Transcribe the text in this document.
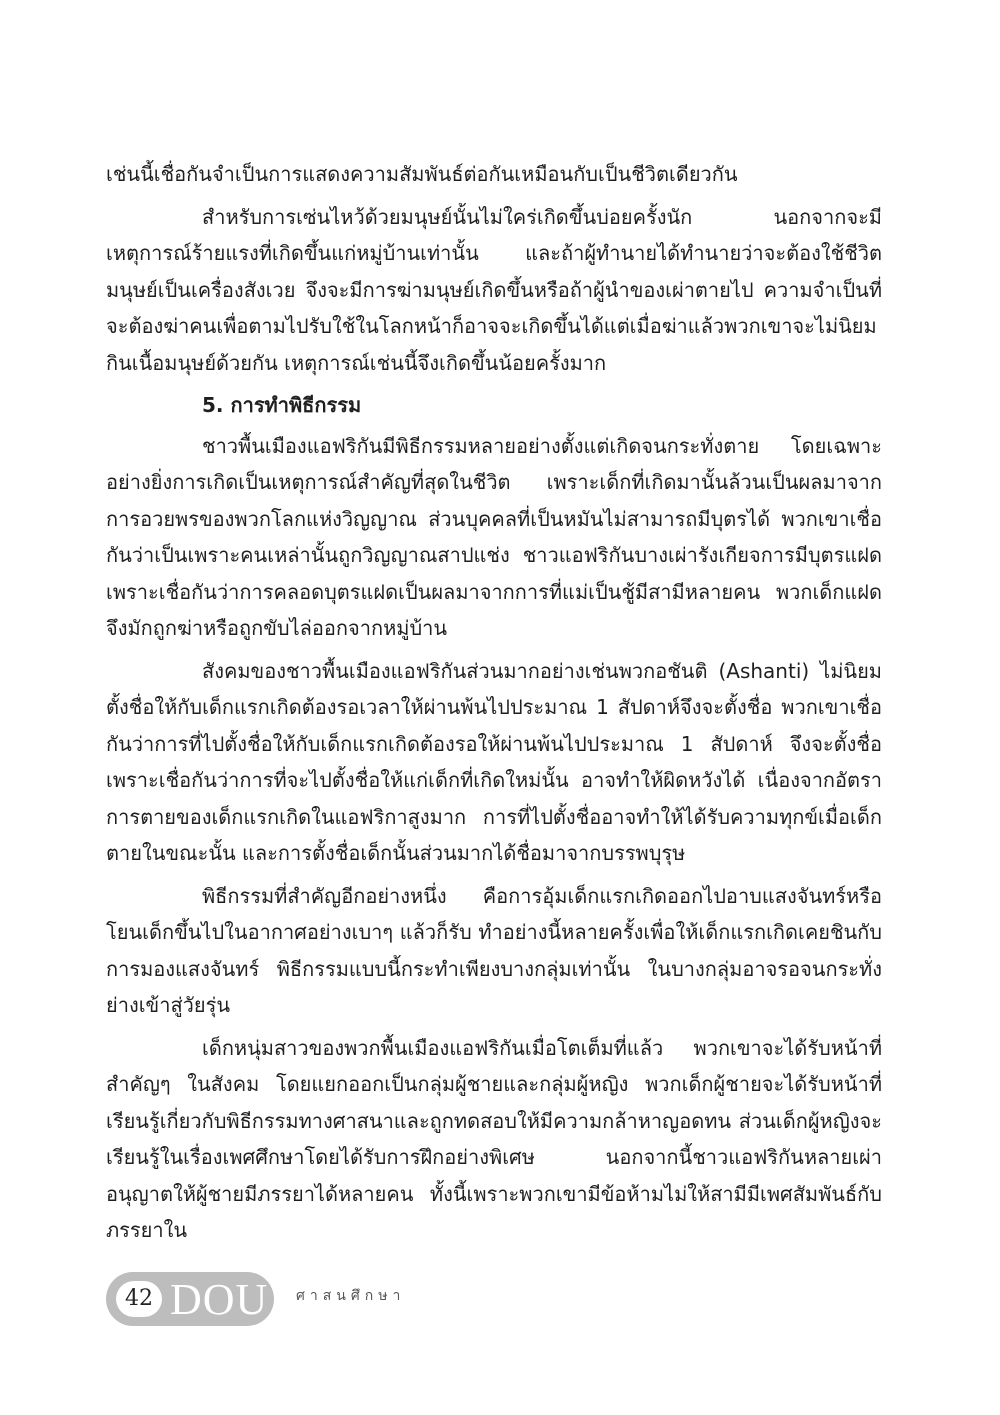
เช่นนี้เชื่อกันจำเป็นการแสดงความสัมพันธ์ต่อกันเหมือนกับเป็นชีวิตเดียวกัน

สำหรับการเซ่นไหว้ด้วยมนุษย์นั้นไม่ใคร่เกิดขึ้นบ่อยครั้งนัก นอกจากจะมีเหตุการณ์ร้ายแรงที่เกิดขึ้นแก่หมู่บ้านเท่านั้น และถ้าผู้ทำนายได้ทำนายว่าจะต้องใช้ชีวิตมนุษย์เป็นเครื่องสังเวย จึงจะมีการฆ่ามนุษย์เกิดขึ้นหรือถ้าผู้นำของเผ่าตายไป ความจำเป็นที่จะต้องฆ่าคนเพื่อตามไปรับใช้ในโลกหน้าก็อาจจะเกิดขึ้นได้แต่เมื่อฆ่าแล้วพวกเขาจะไม่นิยมกินเนื้อมนุษย์ด้วยกัน เหตุการณ์เช่นนี้จึงเกิดขึ้นน้อยครั้งมาก

5. การทำพิธีกรรม

ชาวพื้นเมืองแอฟริกันมีพิธีกรรมหลายอย่างตั้งแต่เกิดจนกระทั่งตาย โดยเฉพาะอย่างยิ่งการเกิดเป็นเหตุการณ์สำคัญที่สุดในชีวิต เพราะเด็กที่เกิดมานั้นล้วนเป็นผลมาจากการอวยพรของพวกโลกแห่งวิญญาณ ส่วนบุคคลที่เป็นหมันไม่สามารถมีบุตรได้ พวกเขาเชื่อกันว่าเป็นเพราะคนเหล่านั้นถูกวิญญาณสาปแช่ง ชาวแอฟริกันบางเผ่ารังเกียจการมีบุตรแฝดเพราะเชื่อกันว่าการคลอดบุตรแฝดเป็นผลมาจากการที่แม่เป็นชู้มีสามีหลายคน พวกเด็กแฝดจึงมักถูกฆ่าหรือถูกขับไล่ออกจากหมู่บ้าน

สังคมของชาวพื้นเมืองแอฟริกันส่วนมากอย่างเช่นพวกอชันติ (Ashanti) ไม่นิยมตั้งชื่อให้กับเด็กแรกเกิดต้องรอเวลาให้ผ่านพ้นไปประมาณ 1 สัปดาห์จึงจะตั้งชื่อ พวกเขาเชื่อกันว่าการที่ไปตั้งชื่อให้กับเด็กแรกเกิดต้องรอให้ผ่านพ้นไปประมาณ 1 สัปดาห์ จึงจะตั้งชื่อเพราะเชื่อกันว่าการที่จะไปตั้งชื่อให้แก่เด็กที่เกิดใหม่นั้น อาจทำให้ผิดหวังได้ เนื่องจากอัตราการตายของเด็กแรกเกิดในแอฟริกาสูงมาก การที่ไปตั้งชื่ออาจทำให้ได้รับความทุกข์เมื่อเด็กตายในขณะนั้น และการตั้งชื่อเด็กนั้นส่วนมากได้ชื่อมาจากบรรพบุรุษ

พิธีกรรมที่สำคัญอีกอย่างหนึ่ง คือการอุ้มเด็กแรกเกิดออกไปอาบแสงจันทร์หรือโยนเด็กขึ้นไปในอากาศอย่างเบาๆ แล้วก็รับ ทำอย่างนี้หลายครั้งเพื่อให้เด็กแรกเกิดเคยชินกับการมองแสงจันทร์ พิธีกรรมแบบนี้กระทำเพียงบางกลุ่มเท่านั้น ในบางกลุ่มอาจรอจนกระทั่งย่างเข้าสู่วัยรุ่น

เด็กหนุ่มสาวของพวกพื้นเมืองแอฟริกันเมื่อโตเต็มที่แล้ว พวกเขาจะได้รับหน้าที่สำคัญๆ ในสังคม โดยแยกออกเป็นกลุ่มผู้ชายและกลุ่มผู้หญิง พวกเด็กผู้ชายจะได้รับหน้าที่เรียนรู้เกี่ยวกับพิธีกรรมทางศาสนาและถูกทดสอบให้มีความกล้าหาญอดทน ส่วนเด็กผู้หญิงจะเรียนรู้ในเรื่องเพศศึกษาโดยได้รับการฝึกอย่างพิเศษ นอกจากนี้ชาวแอฟริกันหลายเผ่าอนุญาตให้ผู้ชายมีภรรยาได้หลายคน ทั้งนี้เพราะพวกเขามีข้อห้ามไม่ให้สามีมีเพศสัมพันธ์กับภรรยาใน

42 DOU ศาสนศึกษา
